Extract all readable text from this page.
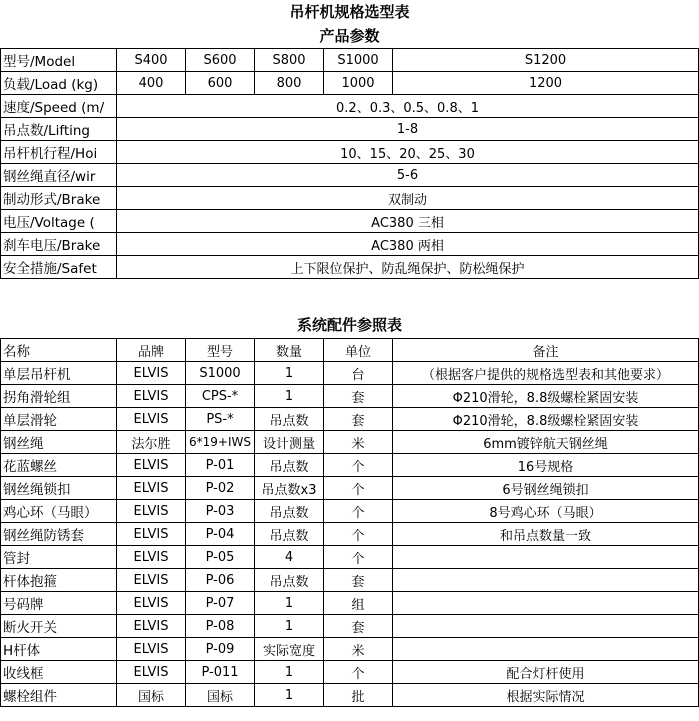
吊杆机规格选型表
产品参数
型号/Model	S400	S600	S800	S1000	S1200
负载/Load (kg)	400	600	800	1000	1200
速度/Speed (m/	0.2、0.3、0.5、0.8、1				
吊点数/Lifting	1-8				
吊杆机行程/Hoi	10、15、20、25、30				
钢丝绳直径/wir	5-6				
制动形式/Brake	双制动				
电压/Voltage (	AC380 三相				
刹车电压/Brake	AC380 两相				
安全措施/Safet	上下限位保护、防乱绳保护、防松绳保护				
系统配件参照表
名称	品牌	型号	数量	单位	备注
单层吊杆机	ELVIS	S1000	1	台	（根据客户提供的规格选型表和其他要求）
拐角滑轮组	ELVIS	CPS-*	1	套	Φ210滑轮，8.8级螺栓紧固安装
单层滑轮	ELVIS	PS-*	吊点数	套	Φ210滑轮，8.8级螺栓紧固安装
钢丝绳	法尔胜	6*19+IWS	设计测量	米	6mm镀锌航天钢丝绳
花蓝螺丝	ELVIS	P-01	吊点数	个	16号规格
钢丝绳锁扣	ELVIS	P-02	吊点数x3	个	6号钢丝绳锁扣
鸡心环（马眼）	ELVIS	P-03	吊点数	个	8号鸡心环（马眼）
钢丝绳防锈套	ELVIS	P-04	吊点数	个	和吊点数量一致
管封	ELVIS	P-05	4	个	
杆体抱箍	ELVIS	P-06	吊点数	套	
号码牌	ELVIS	P-07	1	组	
断火开关	ELVIS	P-08	1	套	
H杆体	ELVIS	P-09	实际宽度	米	
收线框	ELVIS	P-011	1	个	配合灯杆使用
螺栓组件	国标	国标	1	批	根据实际情况
